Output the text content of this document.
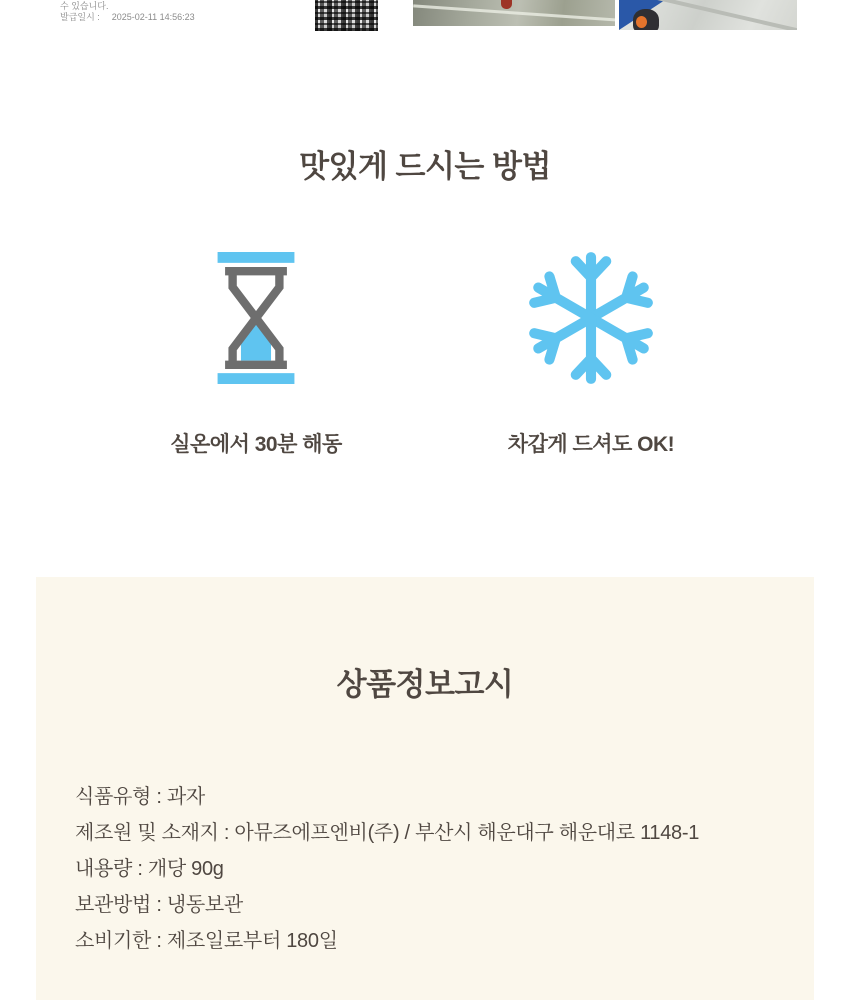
수 있습니다.
발급일시 : 2025-02-11 14:56:23
맛있게 드시는 방법
실온에서 30분 해동	차갑게 드셔도 OK!
상품정보고시
식품유형 : 과자
제조원 및 소재지 : 아뮤즈에프엔비(주) / 부산시 해운대구 해운대로 1148-1
내용량 : 개당 90g
보관방법 : 냉동보관
소비기한 : 제조일로부터 180일
